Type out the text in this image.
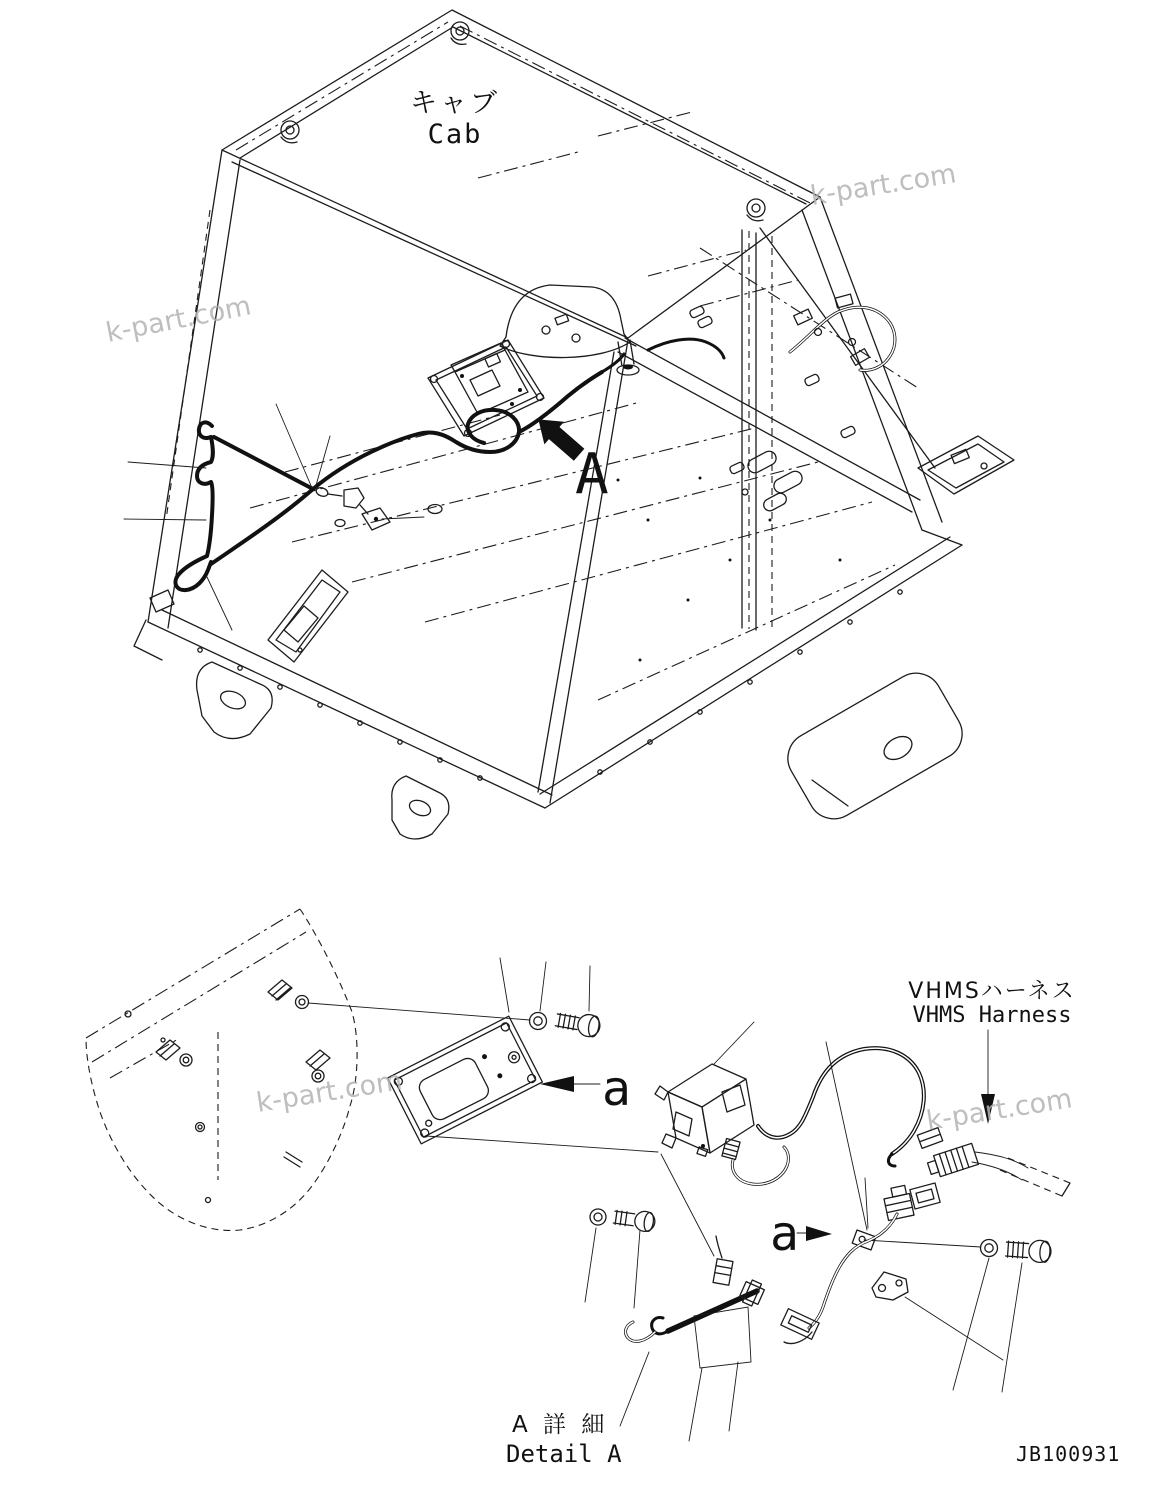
A
キャブ
Cab
a
VHMSハーネス
VHMS Harness
a
A 詳 細
Detail A	JB100931
k-part.com
k-part.com
k-part.com	k-part.com
